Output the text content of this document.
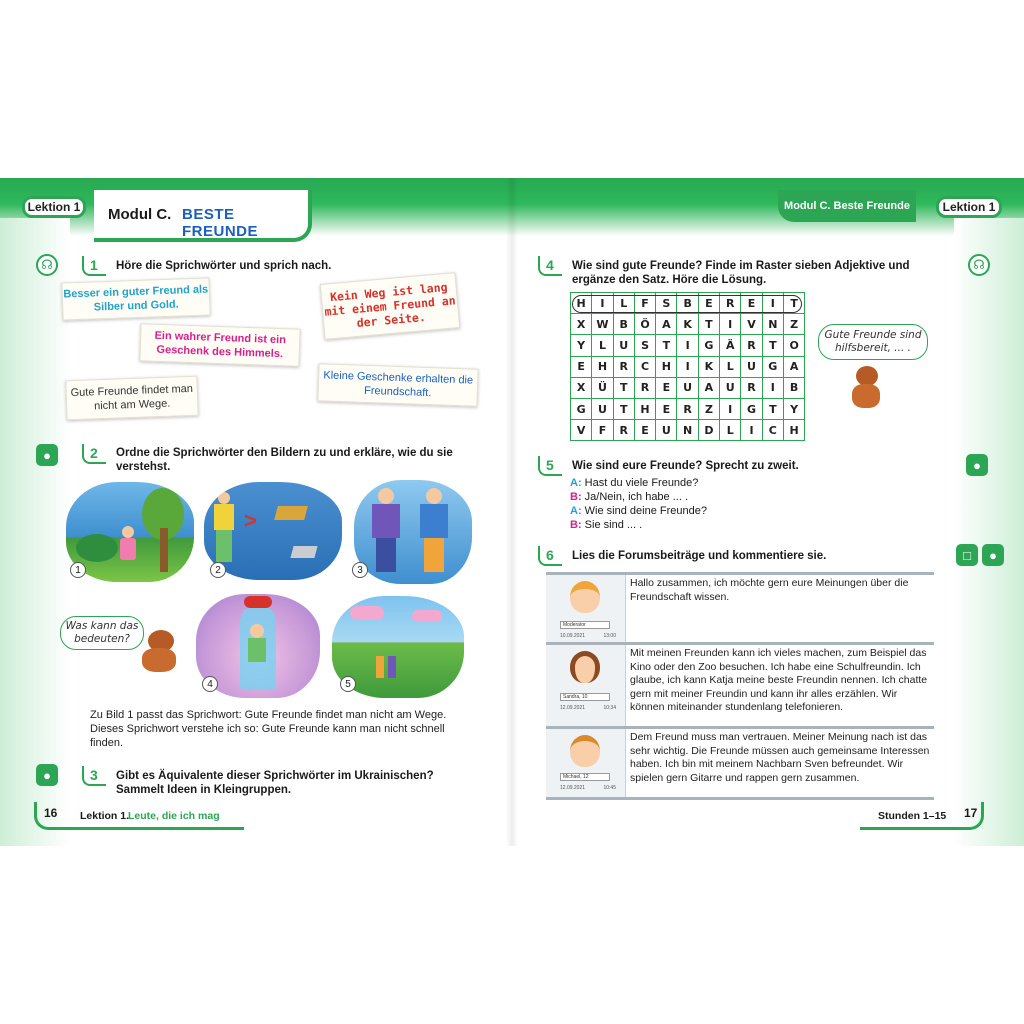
Lektion 1	Modul C. BESTE FREUNDE
☊	1	Höre die Sprichwörter und sprich nach.
Besser ein guter Freund als Silber und Gold.
Kein Weg ist lang mit einem Freund an der Seite.
Ein wahrer Freund ist ein Geschenk des Himmels.
Kleine Geschenke erhalten die Freundschaft.
Gute Freunde findet man nicht am Wege.
●	2	Ordne die Sprichwörter den Bildern zu und erkläre, wie du sie verstehst.
1
>
2	3
Was kann das bedeuten?
4	5
Zu Bild 1 passt das Sprichwort: Gute Freunde findet man nicht am Wege. Dieses Sprichwort verstehe ich so: Gute Freunde kann man nicht schnell finden.
●	3	Gibt es Äquivalente dieser Sprichwörter im Ukrainischen? Sammelt Ideen in Kleingruppen.
16 Lektion 1.
Leute, die ich mag
Modul C. Beste Freunde	Lektion 1
4	Wie sind gute Freunde? Finde im Raster sieben Adjektive und ergänze den Satz. Höre die Lösung.
☊
H	I	L	F	S	B	E	R	E	I	T
X	W	B	Ö	A	K	T	I	V	N	Z
Y	L	U	S	T	I	G	Ä	R	T	O
E	H	R	C	H	I	K	L	U	G	A
X	Ü	T	R	E	U	A	U	R	I	B
G	U	T	H	E	R	Z	I	G	T	Y
V	F	R	E	U	N	D	L	I	C	H
Gute Freunde sind hilfsbereit, ... .
5	Wie sind eure Freunde? Sprecht zu zweit.	●
A: Hast du viele Freunde?
B: Ja/Nein, ich habe ... .
A: Wie sind deine Freunde?
B: Sie sind ... .
6	Lies die Forumsbeiträge und kommentiere sie.	□	●
Moderator
10.09.2021	13:00
Hallo zusammen, ich möchte gern eure Meinungen über die Freundschaft wissen.
Sandra, 10
12.09.2021	10:34
Mit meinen Freunden kann ich vieles machen, zum Beispiel das Kino oder den Zoo besuchen. Ich habe eine Schulfreundin. Ich glaube, ich kann Katja meine beste Freundin nennen. Ich chatte gern mit meiner Freundin und kann ihr alles erzählen. Wir können miteinander stundenlang telefonieren.
Michael, 12
12.09.2021	10:45
Dem Freund muss man vertrauen. Meiner Meinung nach ist das sehr wichtig. Die Freunde müssen auch gemeinsame Interessen haben. Ich bin mit meinem Nachbarn Sven befreundet. Wir spielen gern Gitarre und rappen gern zusammen.
Stunden 1–15 17
